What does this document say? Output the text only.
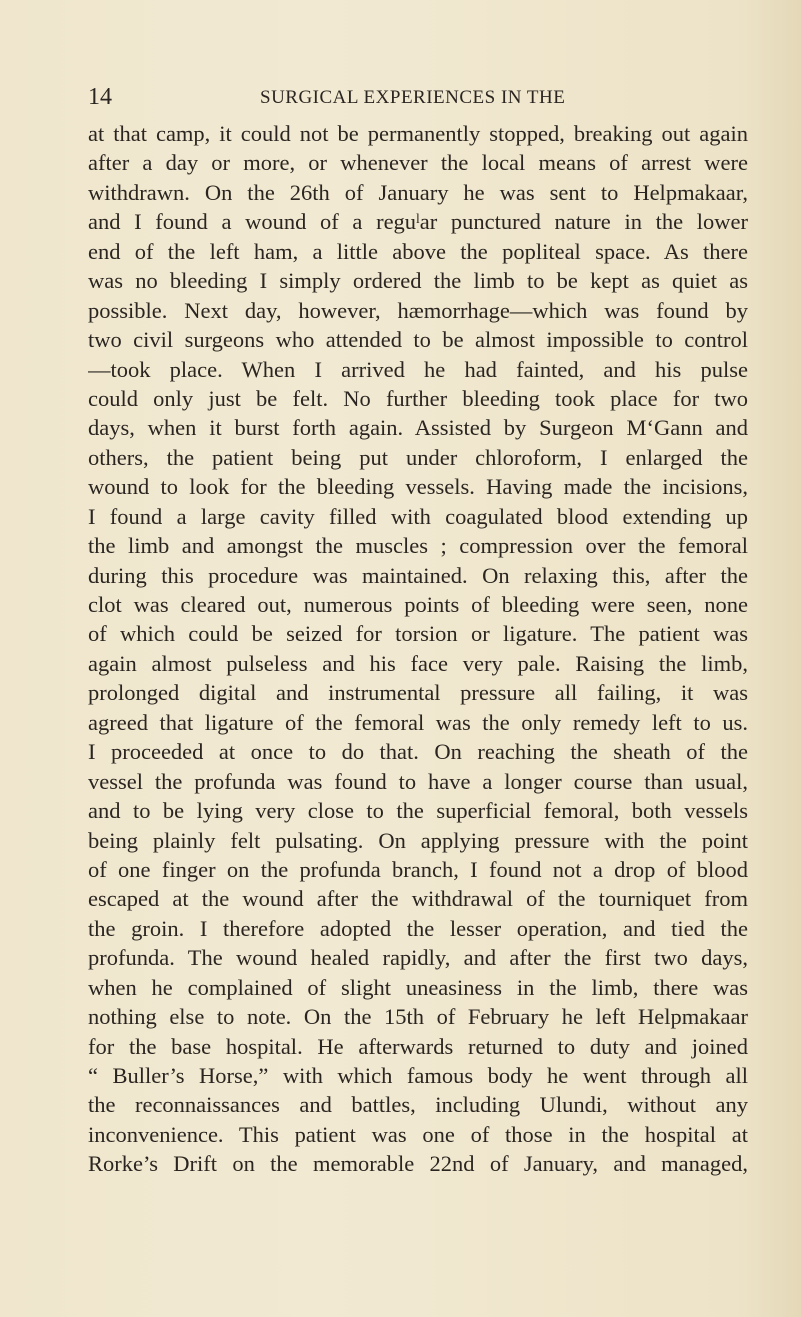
14	SURGICAL EXPERIENCES IN THE
at that camp, it could not be permanently stopped, breaking out again
after a day or more, or whenever the local means of arrest were
withdrawn. On the 26th of January he was sent to Helpmakaar,
and I found a wound of a reguˡar punctured nature in the lower
end of the left ham, a little above the popliteal space. As there
was no bleeding I simply ordered the limb to be kept as quiet as
possible. Next day, however, hæmorrhage—which was found by
two civil surgeons who attended to be almost impossible to control
—took place. When I arrived he had fainted, and his pulse
could only just be felt. No further bleeding took place for two
days, when it burst forth again. Assisted by Surgeon M‘Gann and
others, the patient being put under chloroform, I enlarged the
wound to look for the bleeding vessels. Having made the incisions,
I found a large cavity filled with coagulated blood extending up
the limb and amongst the muscles ; compression over the femoral
during this procedure was maintained. On relaxing this, after the
clot was cleared out, numerous points of bleeding were seen, none
of which could be seized for torsion or ligature. The patient was
again almost pulseless and his face very pale. Raising the limb,
prolonged digital and instrumental pressure all failing, it was
agreed that ligature of the femoral was the only remedy left to us.
I proceeded at once to do that. On reaching the sheath of the
vessel the profunda was found to have a longer course than usual,
and to be lying very close to the superficial femoral, both vessels
being plainly felt pulsating. On applying pressure with the point
of one finger on the profunda branch, I found not a drop of blood
escaped at the wound after the withdrawal of the tourniquet from
the groin. I therefore adopted the lesser operation, and tied the
profunda. The wound healed rapidly, and after the first two days,
when he complained of slight uneasiness in the limb, there was
nothing else to note. On the 15th of February he left Helpmakaar
for the base hospital. He afterwards returned to duty and joined
“ Buller’s Horse,” with which famous body he went through all
the reconnaissances and battles, including Ulundi, without any
inconvenience. This patient was one of those in the hospital at
Rorke’s Drift on the memorable 22nd of January, and managed,
